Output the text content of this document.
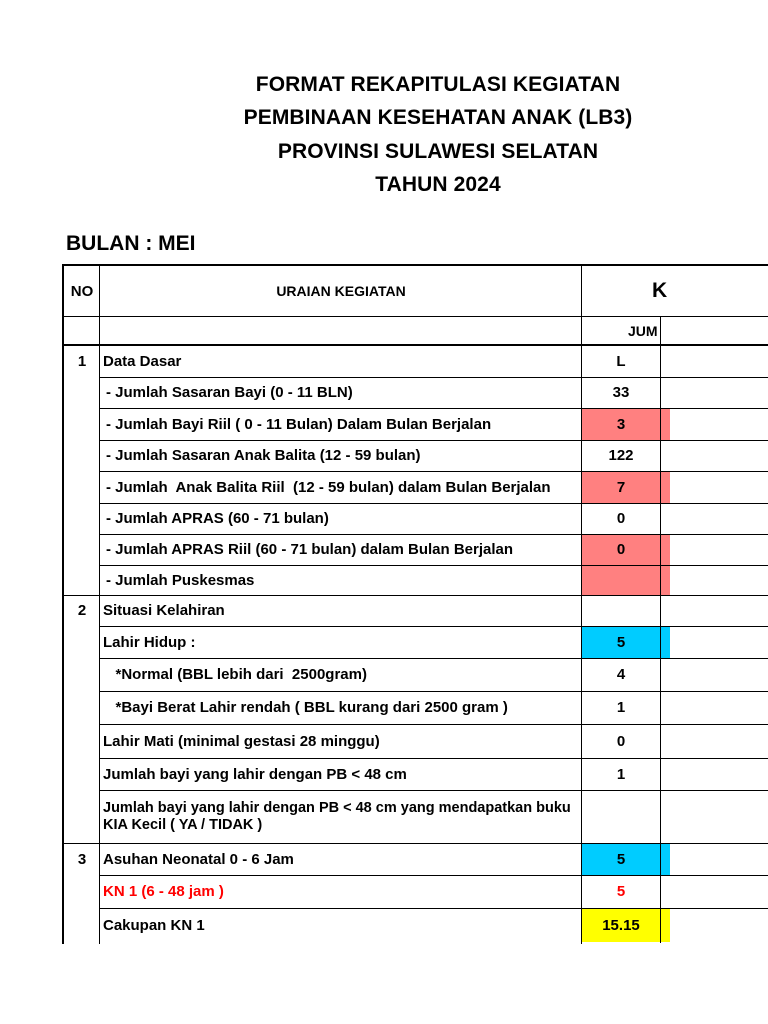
FORMAT REKAPITULASI KEGIATAN
PEMBINAAN KESEHATAN ANAK (LB3)
PROVINSI SULAWESI SELATAN
TAHUN 2024
BULAN : MEI
NO	URAIAN KEGIATAN	K
JUM
1	Data Dasar	L
- Jumlah Sasaran Bayi (0 - 11 BLN)	33
- Jumlah Bayi Riil ( 0 - 11 Bulan) Dalam Bulan Berjalan	3
- Jumlah Sasaran Anak Balita (12 - 59 bulan)	122
- Jumlah  Anak Balita Riil  (12 - 59 bulan) dalam Bulan Berjalan	7
- Jumlah APRAS (60 - 71 bulan)	0
- Jumlah APRAS Riil (60 - 71 bulan) dalam Bulan Berjalan	0
- Jumlah Puskesmas
2	Situasi Kelahiran
Lahir Hidup :	5
*Normal (BBL lebih dari  2500gram)	4
*Bayi Berat Lahir rendah ( BBL kurang dari 2500 gram )	1
Lahir Mati (minimal gestasi 28 minggu)	0
Jumlah bayi yang lahir dengan PB < 48 cm	1
Jumlah bayi yang lahir dengan PB < 48 cm yang mendapatkan buku KIA Kecil ( YA / TIDAK )
3	Asuhan Neonatal 0 - 6 Jam	5
KN 1 (6 - 48 jam )	5
Cakupan KN 1	15.15
